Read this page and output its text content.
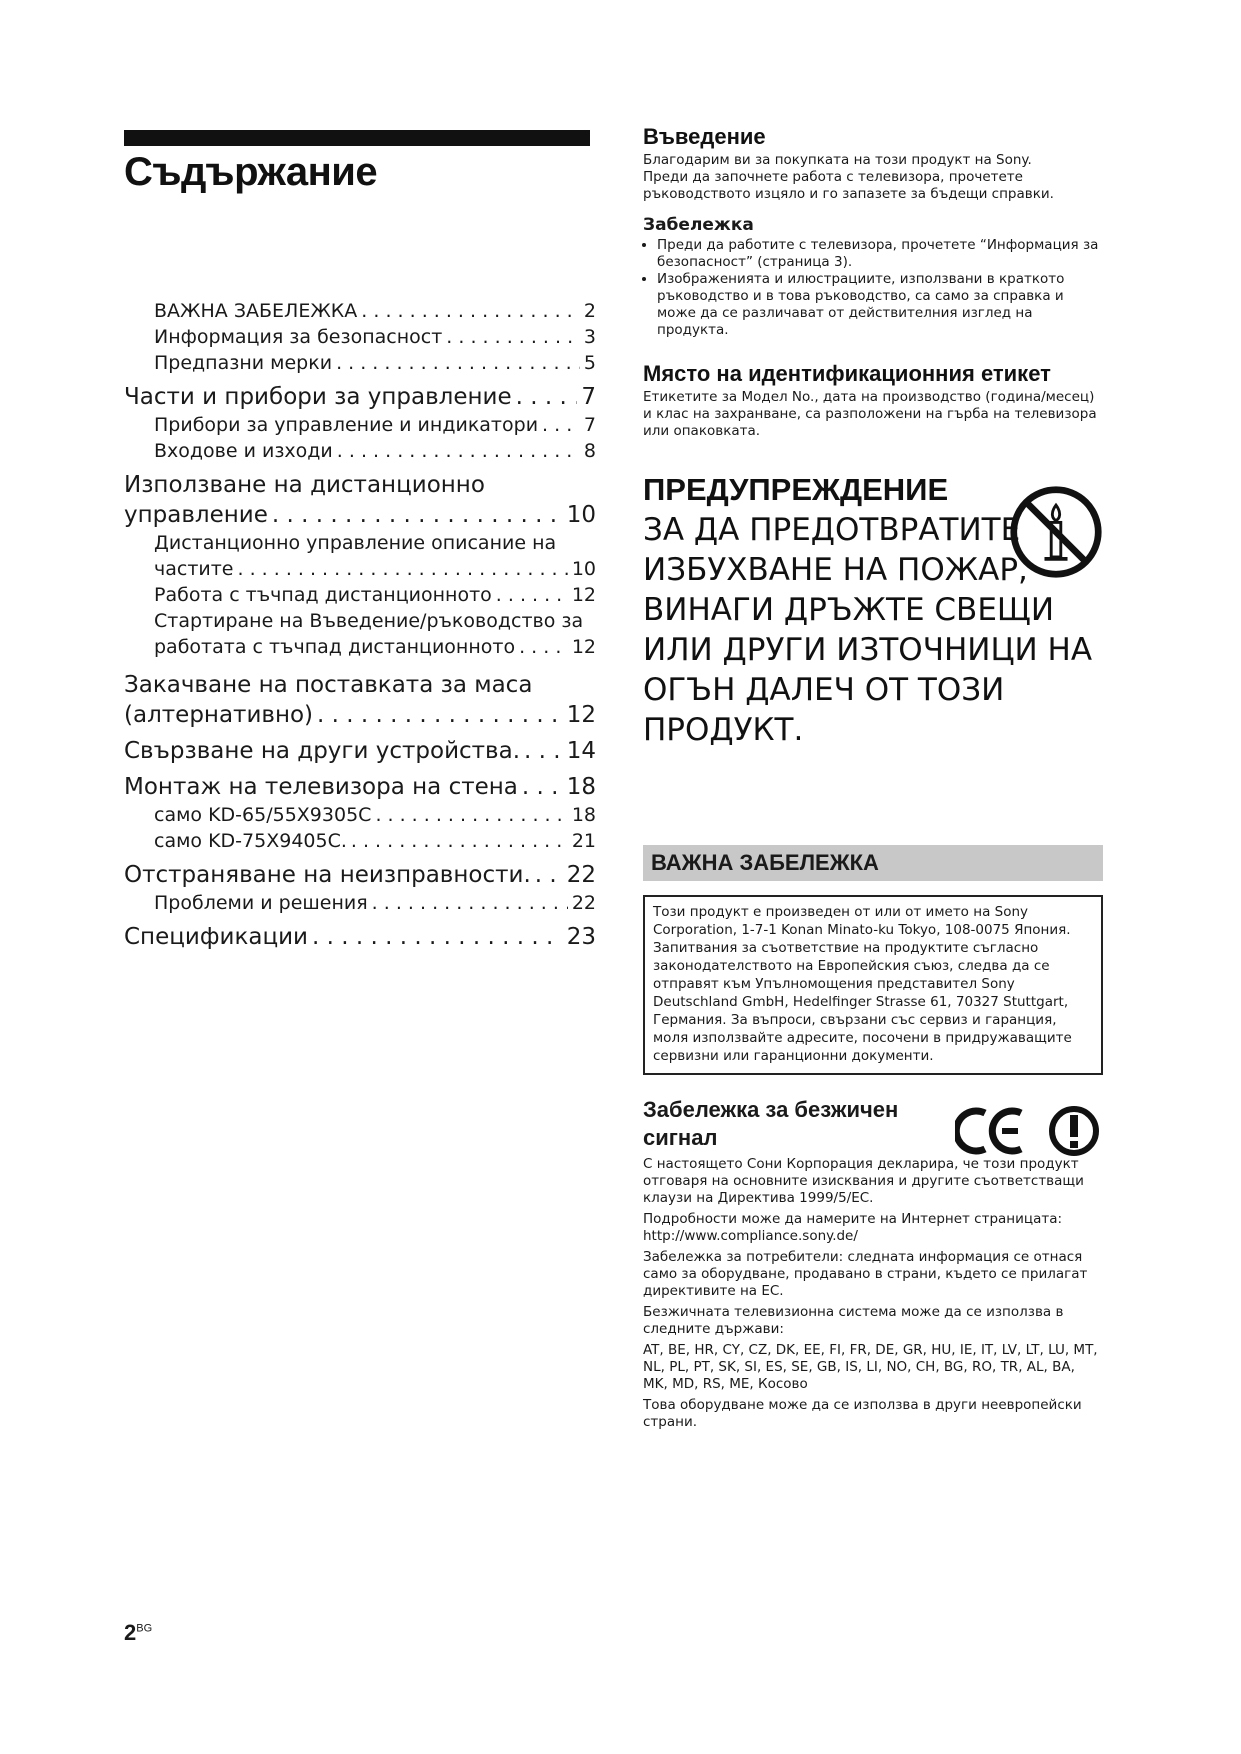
Съдържание
ВАЖНА ЗАБЕЛЕЖКА . . .	2
Информация за безопасност . . .	3
Предпазни мерки . . .	5
Части и прибори за управление . . .	7
Прибори за управление и индикатори . . . 7
Входове и изходи . . .	8
Използване на дистанционно
управление . . .	10
Дистанционно управление описание на
частите . . .	10
Работа с тъчпад дистанционното . . .	12
Стартиране на Въведение/ръководство за
работата с тъчпад дистанционното . . .	12
Закачване на поставката за маса
(алтернативно) . . .	12
Свързване на други устройства. . . . 14
Монтаж на телевизора на стена . . . 18
само KD-65/55X9305C . . .	18
само KD-75X9405C. . . .	21
Отстраняване на неизправности. . . . 22
Проблеми и решения . . .	22
Спецификации . . .	23
Въведение

Благодарим ви за покупката на този продукт на Sony.

Преди да започнете работа с телевизора, прочетете ръководството изцяло и го запазете за бъдещи справки.

Забележка
• Преди да работите с телевизора, прочетете “Информация за безопасност” (страница 3).
• Изображенията и илюстрациите, използвани в краткото ръководство и в това ръководство, са само за справка и може да се различават от действителния изглед на продукта.
Място на идентификационния етикет

Етикетите за Модел No., дата на производство (година/месец) и клас на захранване, са разположени на гърба на телевизора или опаковката.

ПРЕДУПРЕЖДЕНИЕ
ЗА ДА ПРЕДОТВРАТИТЕ ИЗБУХВАНЕ НА ПОЖАР, ВИНАГИ ДРЪЖТЕ СВЕЩИ ИЛИ ДРУГИ ИЗТОЧНИЦИ НА ОГЪН ДАЛЕЧ ОТ ТОЗИ ПРОДУКТ.
ВАЖНА ЗАБЕЛЕЖКА
Този продукт е произведен от или от името на Sony Corporation, 1-7-1 Konan Minato-ku Tokyo, 108-0075 Япония. Запитвания за съответствие на продуктите съгласно законодателството на Европейския съюз, следва да се отправят към Упълномощения представител Sony Deutschland GmbH, Hedelfinger Strasse 61, 70327 Stuttgart, Германия. За въпроси, свързани със сервиз и гаранция, моля използвайте адресите, посочени в придружаващите сервизни или гаранционни документи.
Забележка за безжичен сигнал

С настоящето Сони Корпорация декларира, че този продукт отговаря на основните изисквания и другите съответстващи клаузи на Директива 1999/5/EC.

Подробности може да намерите на Интернет страницата: http://www.compliance.sony.de/

Забележка за потребители: следната информация се отнася само за оборудване, продавано в страни, където се прилагат директивите на ЕС.

Безжичната телевизионна система може да се използва в следните държави:

AT, BE, HR, CY, CZ, DK, EE, FI, FR, DE, GR, HU, IE, IT, LV, LT, LU, MT, NL, PL, PT, SK, SI, ES, SE, GB, IS, LI, NO, CH, BG, RO, TR, AL, BA, MK, MD, RS, ME, Косово

Това оборудване може да се използва в други неевропейски страни.

$2^{BG}$
